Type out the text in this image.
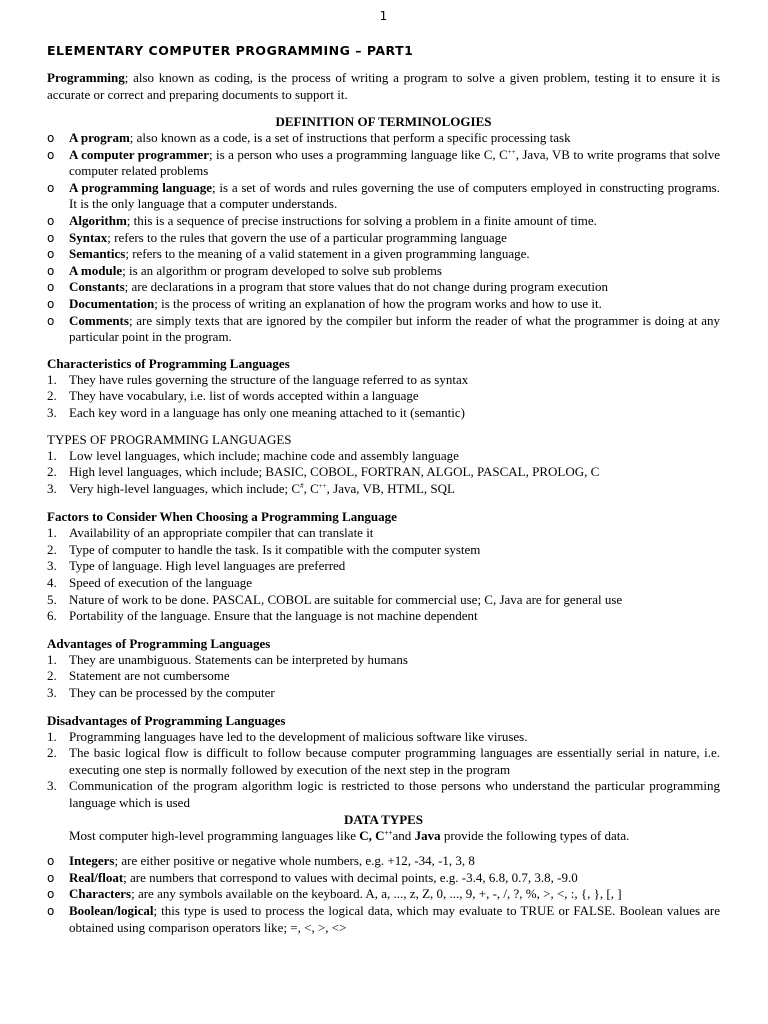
1
ELEMENTARY COMPUTER PROGRAMMING – PART1
Programming; also known as coding, is the process of writing a program to solve a given problem, testing it to ensure it is accurate or correct and preparing documents to support it.
DEFINITION OF TERMINOLOGIES
o A program; also known as a code, is a set of instructions that perform a specific processing task
o A computer programmer; is a person who uses a programming language like C, C++, Java, VB to write programs that solve computer related problems
o A programming language; is a set of words and rules governing the use of computers employed in constructing programs. It is the only language that a computer understands.
o Algorithm; this is a sequence of precise instructions for solving a problem in a finite amount of time.
o Syntax; refers to the rules that govern the use of a particular programming language
o Semantics; refers to the meaning of a valid statement in a given programming language.
o A module; is an algorithm or program developed to solve sub problems
o Constants; are declarations in a program that store values that do not change during program execution
o Documentation; is the process of writing an explanation of how the program works and how to use it.
o Comments; are simply texts that are ignored by the compiler but inform the reader of what the programmer is doing at any particular point in the program.
Characteristics of Programming Languages
1. They have rules governing the structure of the language referred to as syntax
2. They have vocabulary, i.e. list of words accepted within a language
3. Each key word in a language has only one meaning attached to it (semantic)
TYPES OF PROGRAMMING LANGUAGES
1. Low level languages, which include; machine code and assembly language
2. High level languages, which include; BASIC, COBOL, FORTRAN, ALGOL, PASCAL, PROLOG, C
3. Very high-level languages, which include; C#, C++, Java, VB, HTML, SQL
Factors to Consider When Choosing a Programming Language
1. Availability of an appropriate compiler that can translate it
2. Type of computer to handle the task. Is it compatible with the computer system
3. Type of language. High level languages are preferred
4. Speed of execution of the language
5. Nature of work to be done. PASCAL, COBOL are suitable for commercial use; C, Java are for general use
6. Portability of the language. Ensure that the language is not machine dependent
Advantages of Programming Languages
1. They are unambiguous. Statements can be interpreted by humans
2. Statement are not cumbersome
3. They can be processed by the computer
Disadvantages of Programming Languages
1. Programming languages have led to the development of malicious software like viruses.
2. The basic logical flow is difficult to follow because computer programming languages are essentially serial in nature, i.e. executing one step is normally followed by execution of the next step in the program
3. Communication of the program algorithm logic is restricted to those persons who understand the particular programming language which is used
DATA TYPES
Most computer high-level programming languages like C, C++and Java provide the following types of data.
o Integers; are either positive or negative whole numbers, e.g. +12, -34, -1, 3, 8
o Real/float; are numbers that correspond to values with decimal points, e.g. -3.4, 6.8, 0.7, 3.8, -9.0
o Characters; are any symbols available on the keyboard. A, a, ..., z, Z, 0, ..., 9, +, -, /, ?, %, >, <, :, {, }, [, ]
o Boolean/logical; this type is used to process the logical data, which may evaluate to TRUE or FALSE. Boolean values are obtained using comparison operators like; =, <, >, <>
